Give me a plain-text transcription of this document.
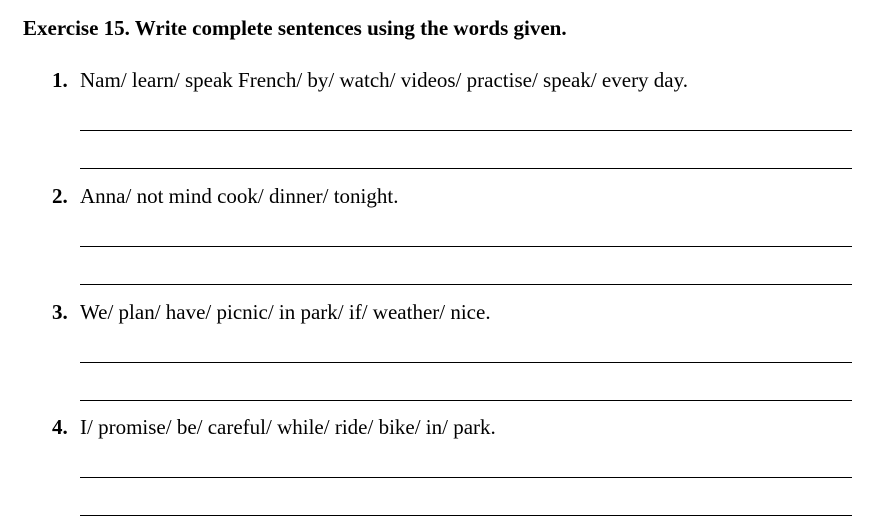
Exercise 15. Write complete sentences using the words given.
1. Nam/ learn/ speak French/ by/ watch/ videos/ practise/ speak/ every day.
2. Anna/ not mind cook/ dinner/ tonight.
3. We/ plan/ have/ picnic/ in park/ if/ weather/ nice.
4. I/ promise/ be/ careful/ while/ ride/ bike/ in/ park.
